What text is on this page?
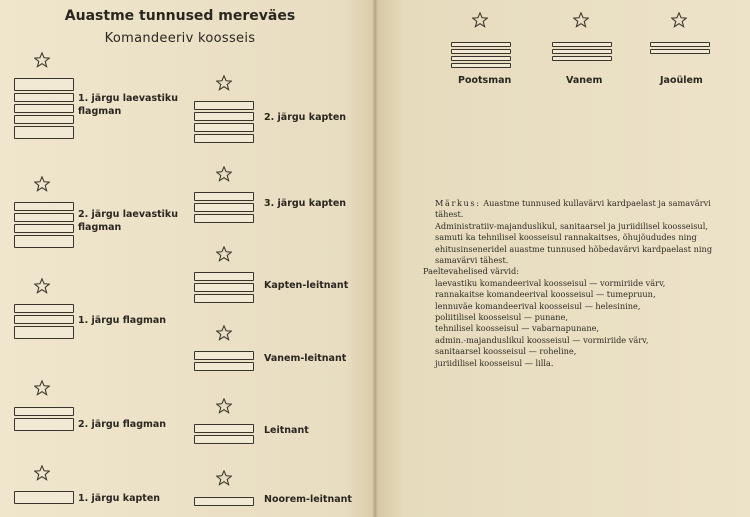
Auastme tunnused mereväes
Komandeeriv koosseis
1. järgu laevastiku flagman
2. järgu laevastiku flagman
1. järgu flagman
2. järgu flagman
1. järgu kapten
2. järgu kapten
3. järgu kapten
Kapten-leitnant
Vanem-leitnant
Leitnant
Noorem-leitnant
Pootsman	Vanem	Jaoülem

Märkus: Auastme tunnused kullavärvi kardpaelast ja samavärvi tähest.

Administratiiv-majanduslikul, sanitaarsel ja juriidilisel koosseisul, samuti ka tehnilisel koosseisul rannakaitses, õhujõududes ning ehitusinseneridel auastme tunnused hõbedavärvi kardpaelast ning samavärvi tähest.

Paeltevahelised värvid:

laevastiku komandeerival koosseisul — vormiriide värv,

rannakaitse komandeerival koosseisul — tumepruun,

lennuväe komandeerival koosseisul — helesinine,

poliitilisel koosseisul — punane,

tehnilisel koosseisul — vabarnapunane,

admin.-majanduslikul koosseisul — vormiriide värv,

sanitaarsel koosseisul — roheline,

juriidilisel koosseisul — lilla.
